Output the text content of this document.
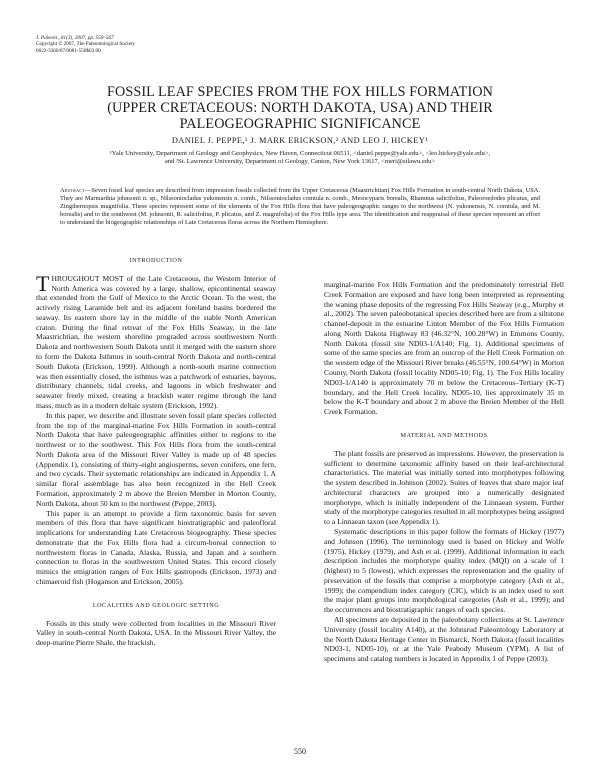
J. Paleont., 81(3), 2007, pp. 550–567
Copyright © 2007, The Paleontological Society
0022-3360/07/0081-550$03.00
FOSSIL LEAF SPECIES FROM THE FOX HILLS FORMATION
(UPPER CRETACEOUS: NORTH DAKOTA, USA) AND THEIR
PALEOGEOGRAPHIC SIGNIFICANCE
DANIEL J. PEPPE,¹ J. MARK ERICKSON,² AND LEO J. HICKEY¹
¹Yale University, Department of Geology and Geophysics, New Haven, Connecticut 06511, <daniel.peppe@yale.edu>, <leo.hickey@yale.edu>,
and ²St. Lawrence University, Department of Geology, Canton, New York 13617, <meri@stlawu.edu>
Abstract—Seven fossil leaf species are described from impression fossils collected from the Upper Cretaceous (Maastrichtian) Fox Hills Formation in south-central North Dakota, USA. They are Marmarthia johnsonii n. sp., Nilssoniocladus yukonensis n. comb., Nilssoniocladus comtula n. comb., Mesocyparis borealis, Rhamnus salicifolius, Paleoroedodes plicatus, and Zingibernopsis magnifolia. These species represent some of the elements of the Fox Hills flora that have paleogeographic ranges to the northwest (N. yukonensis, N. comtula, and M. borealis) and to the southwest (M. johnsonii, R. salicifolius, P. plicatus, and Z. magnifolia) of the Fox Hills type area. The identification and reappraisal of these species represent an effort to understand the biogeographic relationships of Late Cretaceous floras across the Northern Hemisphere.
INTRODUCTION

THROUGHOUT MOST of the Late Cretaceous, the Western Interior of North America was covered by a large, shallow, epicontinental seaway that extended from the Gulf of Mexico to the Arctic Ocean. To the west, the actively rising Laramide belt and its adjacent foreland basins bordered the seaway. Its eastern shore lay in the middle of the stable North American craton. During the final retreat of the Fox Hills Seaway, in the late Maastrichtian, the western shoreline prograded across southwestern North Dakota and northwestern South Dakota until it merged with the eastern shore to form the Dakota Isthmus in south-central North Dakota and north-central South Dakota (Erickson, 1999). Although a north-south marine connection was then essentially closed, the isthmus was a patchwork of estuaries, bayous, distributary channels, tidal creeks, and lagoons in which freshwater and seawater freely mixed, creating a brackish water regime through the land mass, much as in a modern deltaic system (Erickson, 1992).

In this paper, we describe and illustrate seven fossil plant species collected from the top of the marginal-marine Fox Hills Formation in south-central North Dakota that have paleogeographic affinities either to regions to the northwest or to the southwest. This Fox Hills flora from the south-central North Dakota area of the Missouri River Valley is made up of 48 species (Appendix 1), consisting of thirty-eight angiosperms, seven conifers, one fern, and two cycads. Their systematic relationships are indicated in Appendix 1. A similar floral assemblage has also been recognized in the Hell Creek Formation, approximately 2 m above the Breien Member in Morton County, North Dakota, about 50 km to the northwest (Peppe, 2003).

This paper is an attempt to provide a firm taxonomic basis for seven members of this flora that have significant biostratigraphic and paleofloral implications for understanding Late Cretaceous biogeography. These species demonstrate that the Fox Hills flora had a circum-boreal connection to northwestern floras in Canada, Alaska, Russia, and Japan and a southern connection to floras in the southwestern United States. This record closely mimics the emigration ranges of Fox Hills gastropods (Erickson, 1973) and chimaeroid fish (Hoganson and Erickson, 2005).

LOCALITIES AND GEOLOGIC SETTING

Fossils in this study were collected from localities in the Missouri River Valley in south-central North Dakota, USA. In the Missouri River Valley, the deep-marine Pierre Shale, the brackish,

marginal-marine Fox Hills Formation and the predominately terrestrial Hell Creek Formation are exposed and have long been interpreted as representing the waning phase deposits of the regressing Fox Hills Seaway (e.g., Murphy et al., 2002). The seven paleobotanical species described here are from a siltstone channel-deposit in the estuarine Linton Member of the Fox Hills Formation along North Dakota Highway 83 (46.32°N, 100.28°W) in Emmons County, North Dakota (fossil site ND03-1/A140; Fig. 1). Additional specimens of some of the same species are from an outcrop of the Hell Creek Formation on the western edge of the Missouri River breaks (46.55°N, 100.64°W) in Morton County, North Dakota (fossil locality ND05-10; Fig. 1). The Fox Hills locality ND03-1/A140 is approximately 70 m below the Cretaceous–Tertiary (K-T) boundary, and the Hell Creek locality, ND05-10, lies approximately 35 m below the K-T boundary and about 2 m above the Breien Member of the Hell Creek Formation.

MATERIAL AND METHODS

The plant fossils are preserved as impressions. However, the preservation is sufficient to determine taxonomic affinity based on their leaf-architectural characteristics. The material was initially sorted into morphotypes following the system described in Johnson (2002). Suites of leaves that share major leaf architectural characters are grouped into a numerically designated morphotype, which is initially independent of the Linnaean system. Further study of the morphotype categories resulted in all morphotypes being assigned to a Linnaean taxon (see Appendix 1).

Systematic descriptions in this paper follow the formats of Hickey (1977) and Johnson (1996). The terminology used is based on Hickey and Wolfe (1975), Hickey (1979), and Ash et al. (1999). Additional information in each description includes the morphotype quality index (MQI) on a scale of 1 (highest) to 5 (lowest), which expresses the representation and the quality of preservation of the fossils that comprise a morphotype category (Ash et al., 1999); the compendium index category (CIC), which is an index used to sort the major plant groups into morphological categories (Ash et al., 1999); and the occurrences and biostratigraphic ranges of each species.

All specimens are deposited in the paleobotany collections at St. Lawrence University (fossil locality A140), at the Johnsrud Paleontology Laboratory at the North Dakota Heritage Center in Bismarck, North Dakota (fossil localities ND03-1, ND05-10), or at the Yale Peabody Museum (YPM). A list of specimens and catalog numbers is located in Appendix 1 of Peppe (2003).

550
